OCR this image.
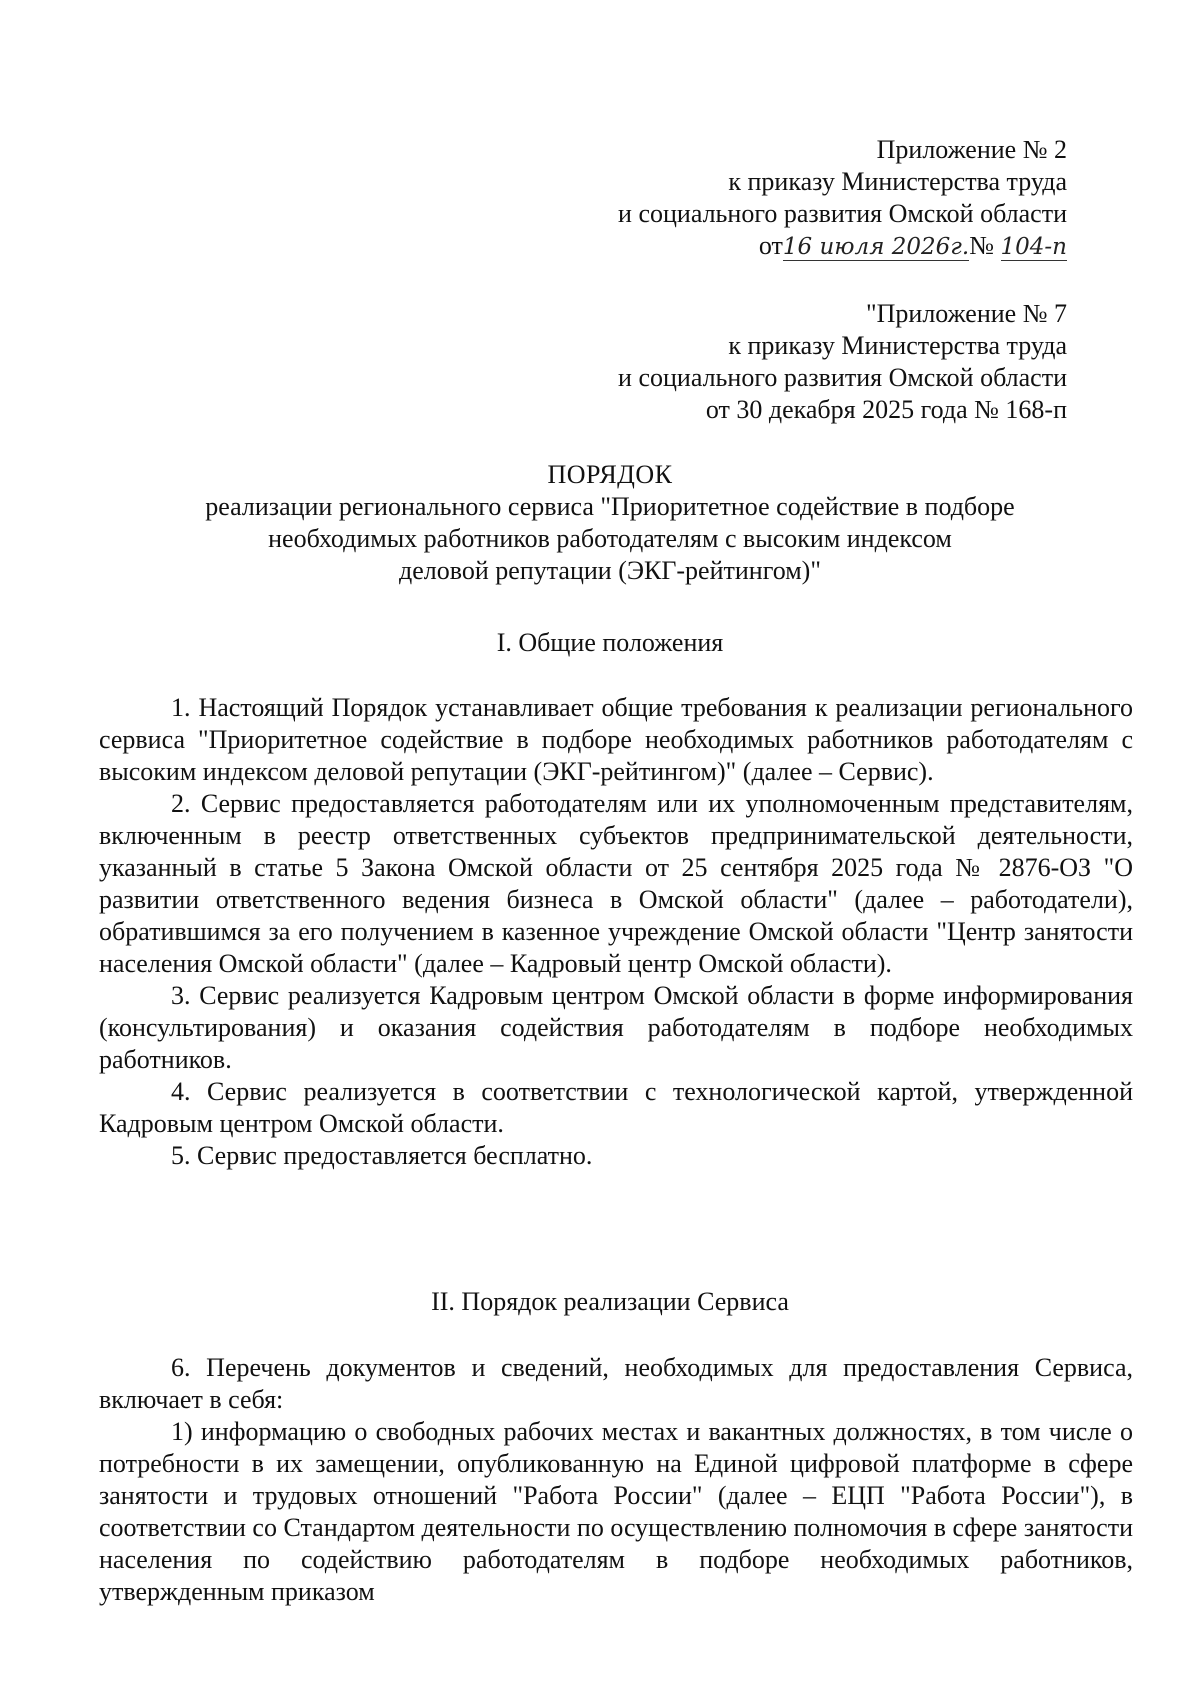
Приложение № 2
к приказу Министерства труда
и социального развития Омской области
от16 июля 2026г.№ 104-п
"Приложение № 7
к приказу Министерства труда
и социального развития Омской области
от 30 декабря 2025 года № 168-п
ПОРЯДОК
реализации регионального сервиса "Приоритетное содействие в подборе
необходимых работников работодателям с высоким индексом
деловой репутации (ЭКГ-рейтингом)"
I. Общие положения

1. Настоящий Порядок устанавливает общие требования к реализации регионального сервиса "Приоритетное содействие в подборе необходимых работников работодателям с высоким индексом деловой репутации (ЭКГ-рейтингом)" (далее – Сервис).

2. Сервис предоставляется работодателям или их уполномоченным представителям, включенным в реестр ответственных субъектов предпринимательской деятельности, указанный в статье 5 Закона Омской области от 25 сентября 2025 года № 2876-ОЗ "О развитии ответственного ведения бизнеса в Омской области" (далее – работодатели), обратившимся за его получением в казенное учреждение Омской области "Центр занятости населения Омской области" (далее – Кадровый центр Омской области).

3. Сервис реализуется Кадровым центром Омской области в форме информирования (консультирования) и оказания содействия работодателям в подборе необходимых работников.

4. Сервис реализуется в соответствии с технологической картой, утвержденной Кадровым центром Омской области.

5. Сервис предоставляется бесплатно.

II. Порядок реализации Сервиса

6. Перечень документов и сведений, необходимых для предоставления Сервиса, включает в себя:

1) информацию о свободных рабочих местах и вакантных должностях, в том числе о потребности в их замещении, опубликованную на Единой цифровой платформе в сфере занятости и трудовых отношений "Работа России" (далее – ЕЦП "Работа России"), в соответствии со Стандартом деятельности по осуществлению полномочия в сфере занятости населения по содействию работодателям в подборе необходимых работников, утвержденным приказом
